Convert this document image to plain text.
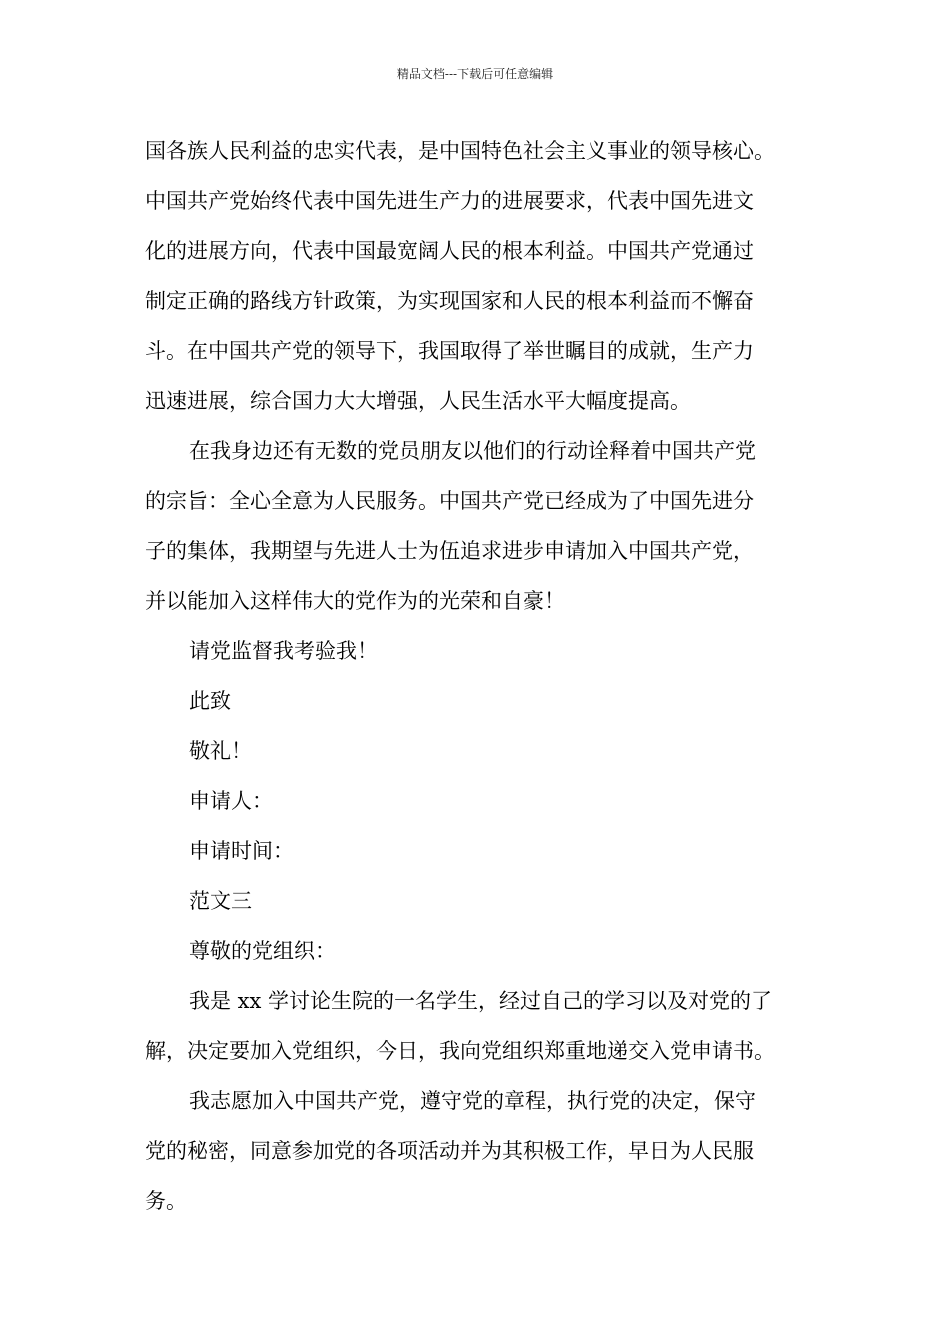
精品文档---下载后可任意编辑
国各族人民利益的忠实代表，是中国特色社会主义事业的领导核心。
中国共产党始终代表中国先进生产力的进展要求，代表中国先进文
化的进展方向，代表中国最宽阔人民的根本利益。中国共产党通过
制定正确的路线方针政策，为实现国家和人民的根本利益而不懈奋
斗。在中国共产党的领导下，我国取得了举世瞩目的成就，生产力
迅速进展，综合国力大大增强，人民生活水平大幅度提高。
在我身边还有无数的党员朋友以他们的行动诠释着中国共产党
的宗旨：全心全意为人民服务。中国共产党已经成为了中国先进分
子的集体，我期望与先进人士为伍追求进步申请加入中国共产党，
并以能加入这样伟大的党作为的光荣和自豪！
请党监督我考验我！
此致
敬礼！
申请人：
申请时间：
范文三
尊敬的党组织：
我是 xx 学讨论生院的一名学生，经过自己的学习以及对党的了
解，决定要加入党组织，今日，我向党组织郑重地递交入党申请书。
我志愿加入中国共产党，遵守党的章程，执行党的决定，保守
党的秘密，同意参加党的各项活动并为其积极工作，早日为人民服
务。
